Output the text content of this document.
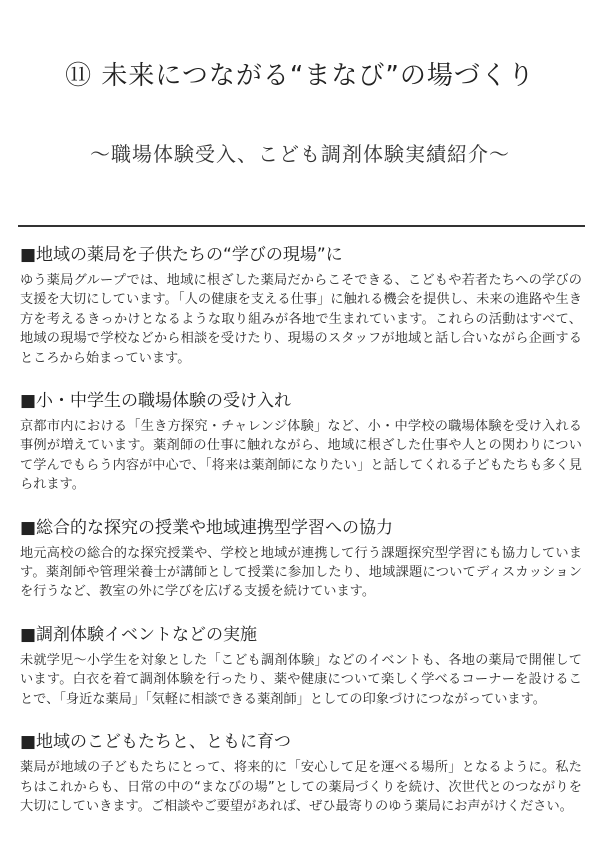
⑪ 未来につながる“まなび”の場づくり
〜職場体験受入、こども調剤体験実績紹介〜
■地域の薬局を子供たちの“学びの現場”に
ゆう薬局グループでは、地域に根ざした薬局だからこそできる、こどもや若者たちへの学びの支援を大切にしています。「人の健康を支える仕事」に触れる機会を提供し、未来の進路や生き方を考えるきっかけとなるような取り組みが各地で生まれています。これらの活動はすべて、地域の現場で学校などから相談を受けたり、現場のスタッフが地域と話し合いながら企画するところから始まっています。
■小・中学生の職場体験の受け入れ
京都市内における「生き方探究・チャレンジ体験」など、小・中学校の職場体験を受け入れる事例が増えています。薬剤師の仕事に触れながら、地域に根ざした仕事や人との関わりについて学んでもらう内容が中心で、「将来は薬剤師になりたい」と話してくれる子どもたちも多く見られます。
■総合的な探究の授業や地域連携型学習への協力
地元高校の総合的な探究授業や、学校と地域が連携して行う課題探究型学習にも協力しています。薬剤師や管理栄養士が講師として授業に参加したり、地域課題についてディスカッションを行うなど、教室の外に学びを広げる支援を続けています。
■調剤体験イベントなどの実施
未就学児〜小学生を対象とした「こども調剤体験」などのイベントも、各地の薬局で開催しています。白衣を着て調剤体験を行ったり、薬や健康について楽しく学べるコーナーを設けることで、「身近な薬局」「気軽に相談できる薬剤師」としての印象づけにつながっています。
■地域のこどもたちと、ともに育つ
薬局が地域の子どもたちにとって、将来的に「安心して足を運べる場所」となるように。私たちはこれからも、日常の中の“まなびの場”としての薬局づくりを続け、次世代とのつながりを大切にしていきます。ご相談やご要望があれば、ぜひ最寄りのゆう薬局にお声がけください。
